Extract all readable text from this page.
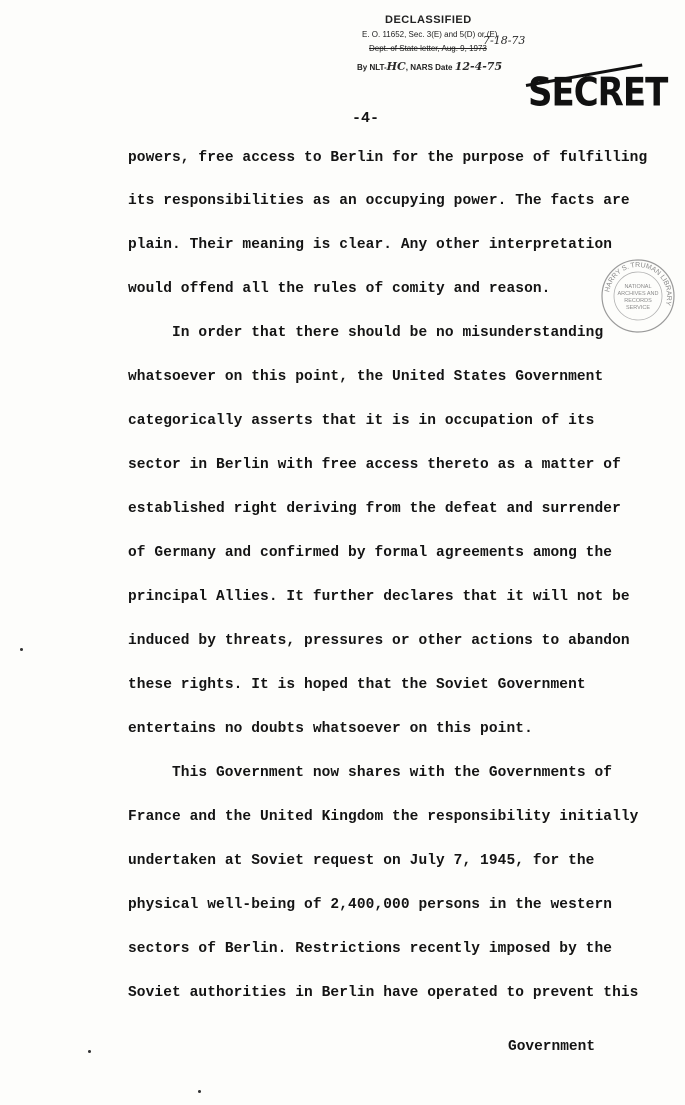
DECLASSIFIED
E. O. 11652, Sec. 3(E) and 5(D) or (E)
Dept. of State letter, Aug. 9, 1973
7-18-73
By NLT-HC, NARS Date 12-4-75
SECRET
-4-
powers, free access to Berlin for the purpose of fulfilling
its responsibilities as an occupying power. The facts are
plain. Their meaning is clear. Any other interpretation
would offend all the rules of comity and reason.
In order that there should be no misunderstanding
whatsoever on this point, the United States Government
categorically asserts that it is in occupation of its
sector in Berlin with free access thereto as a matter of
established right deriving from the defeat and surrender
of Germany and confirmed by formal agreements among the
principal Allies. It further declares that it will not be
induced by threats, pressures or other actions to abandon
these rights. It is hoped that the Soviet Government
entertains no doubts whatsoever on this point.
This Government now shares with the Governments of
France and the United Kingdom the responsibility initially
undertaken at Soviet request on July 7, 1945, for the
physical well-being of 2,400,000 persons in the western
sectors of Berlin. Restrictions recently imposed by the
Soviet authorities in Berlin have operated to prevent this
Government
HARRY S. TRUMAN LIBRARY
NATIONAL
ARCHIVES AND
RECORDS
SERVICE
